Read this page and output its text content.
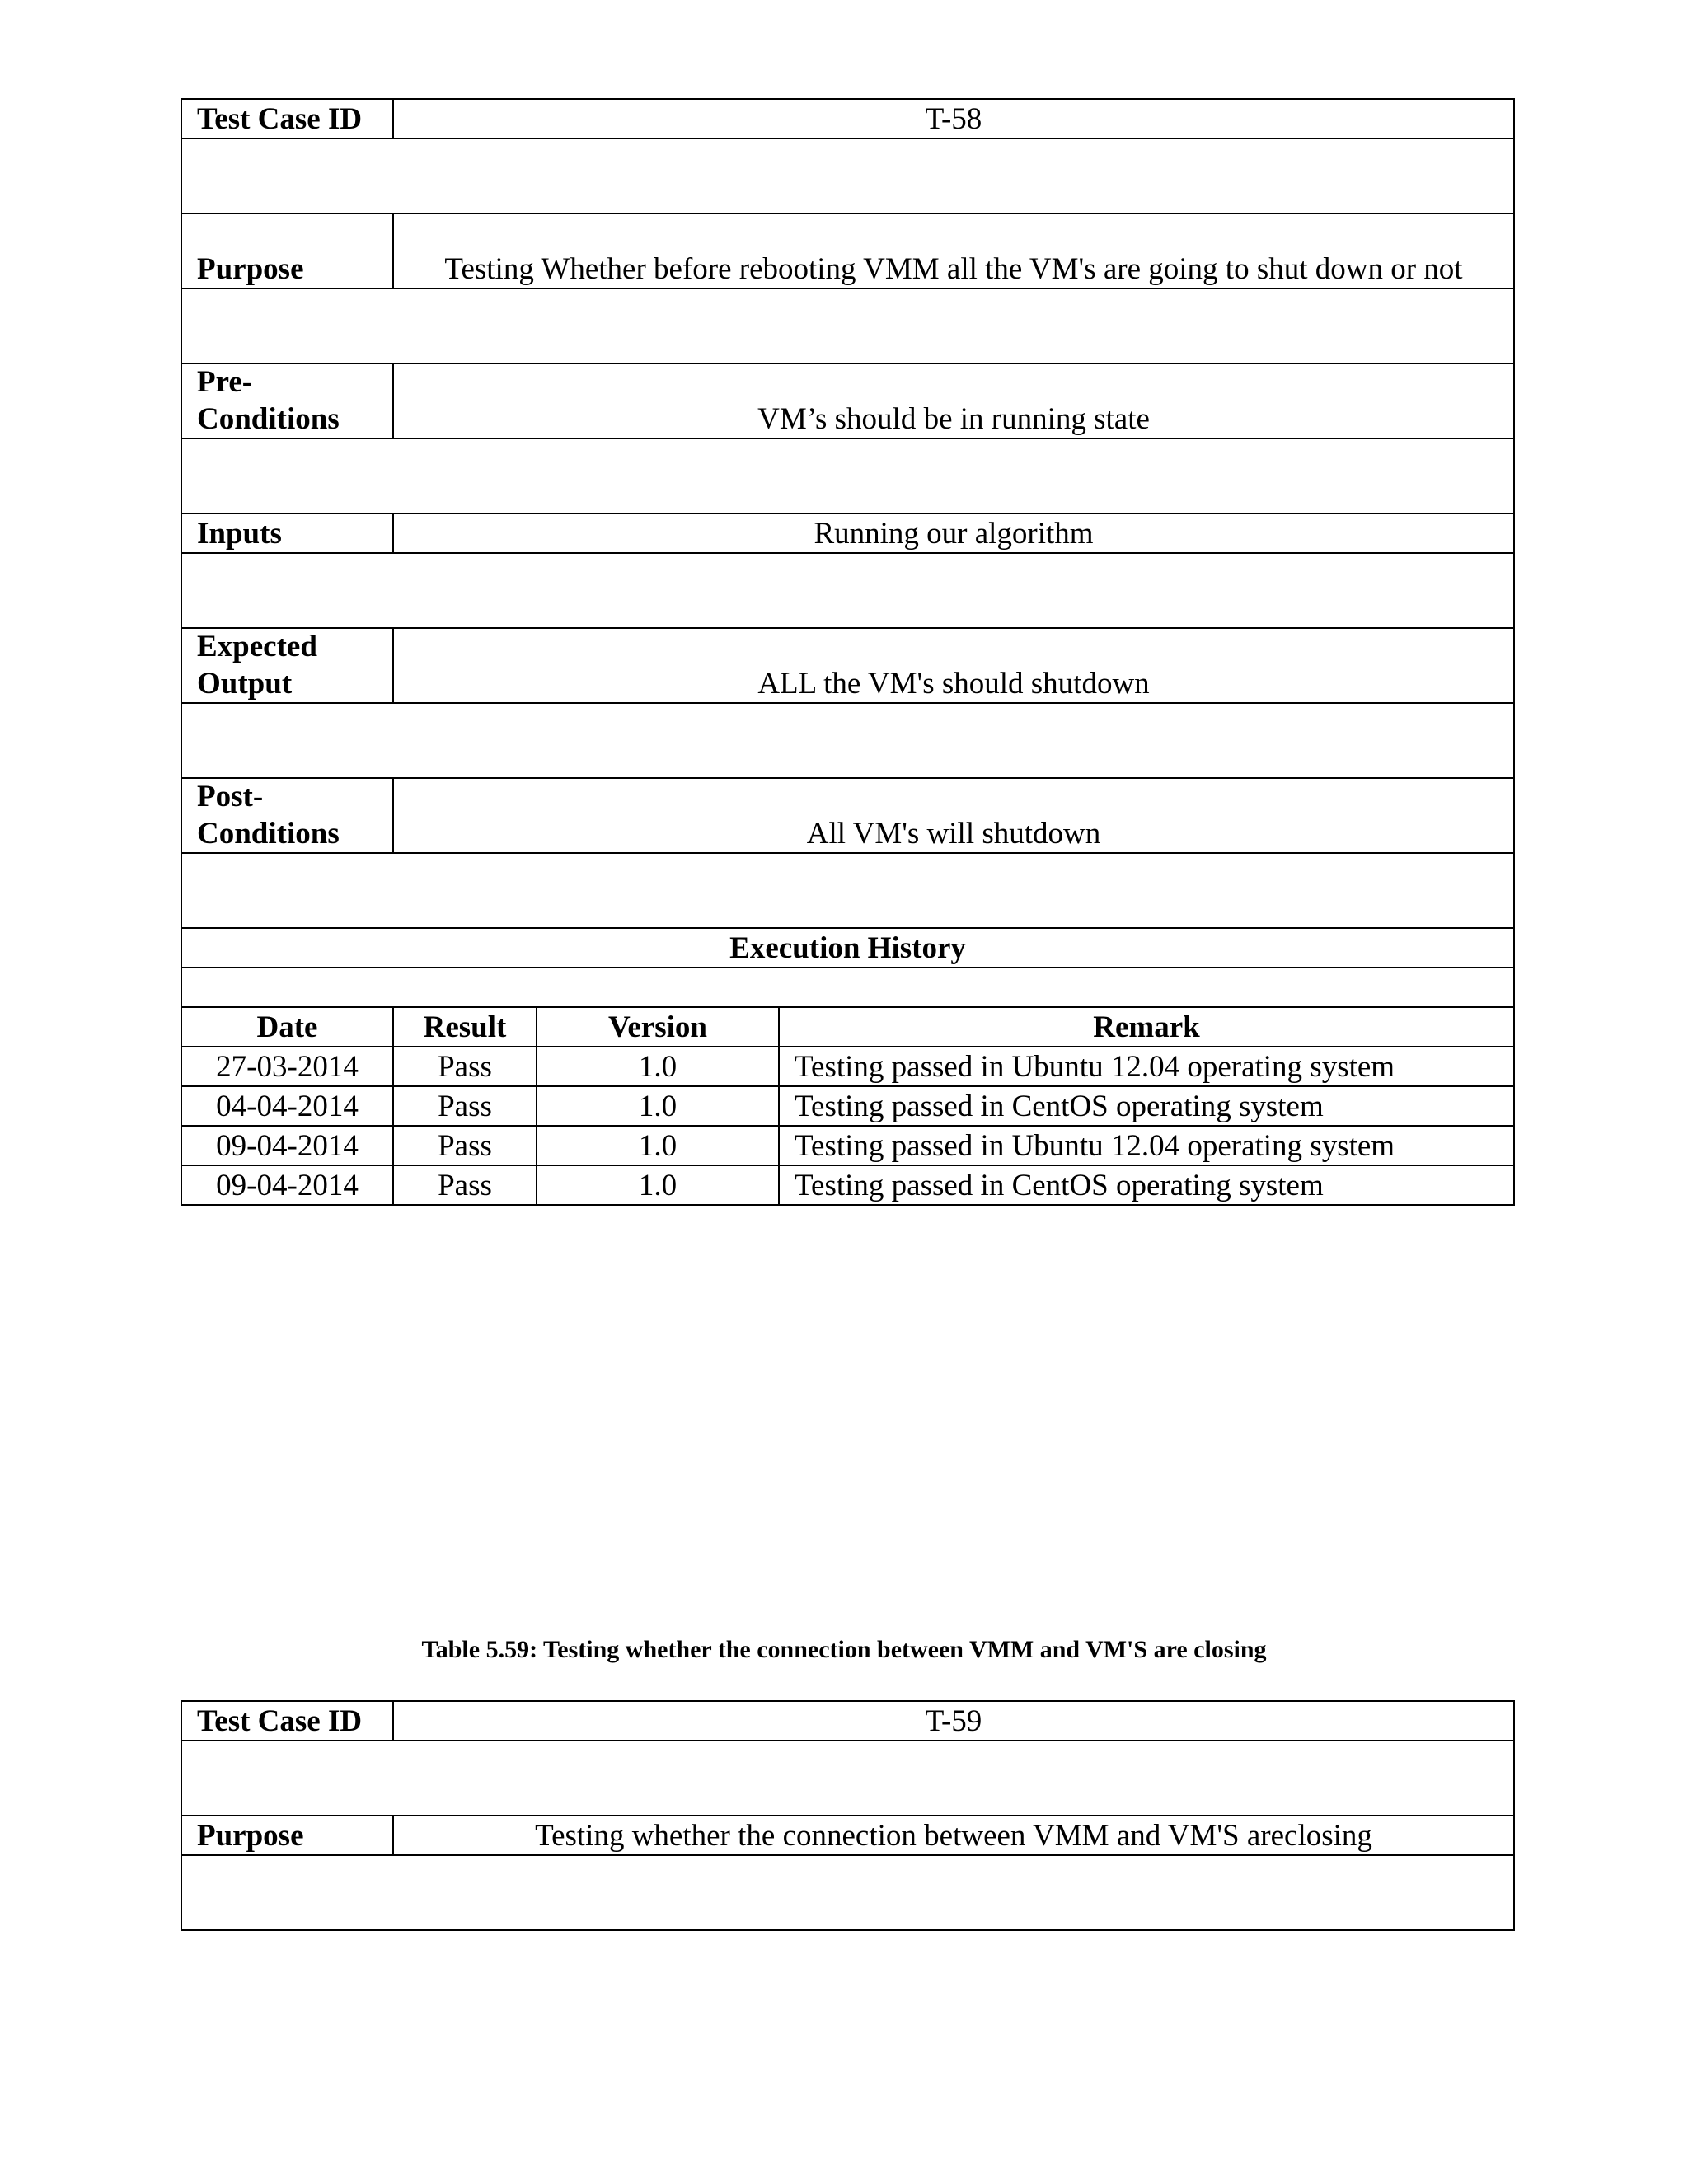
Test Case ID	T-58		

Purpose	Testing Whether before rebooting VMM all the VM's are going to shut down or not		

Pre-
Conditions	VM’s should be in running state		

Inputs	Running our algorithm		

Expected
Output	ALL the VM's should shutdown		

Post-
Conditions	All VM's will shutdown		

Execution History			

Date	Result	Version	Remark
27-03-2014	Pass	1.0	Testing passed in Ubuntu 12.04 operating system
04-04-2014	Pass	1.0	Testing passed in CentOS operating system
09-04-2014	Pass	1.0	Testing passed in Ubuntu 12.04 operating system
09-04-2014	Pass	1.0	Testing passed in CentOS operating system
Table 5.59: Testing whether the connection between VMM and VM'S are closing
Test Case ID	T-59

Purpose	Testing whether the connection between VMM and VM'S areclosing
